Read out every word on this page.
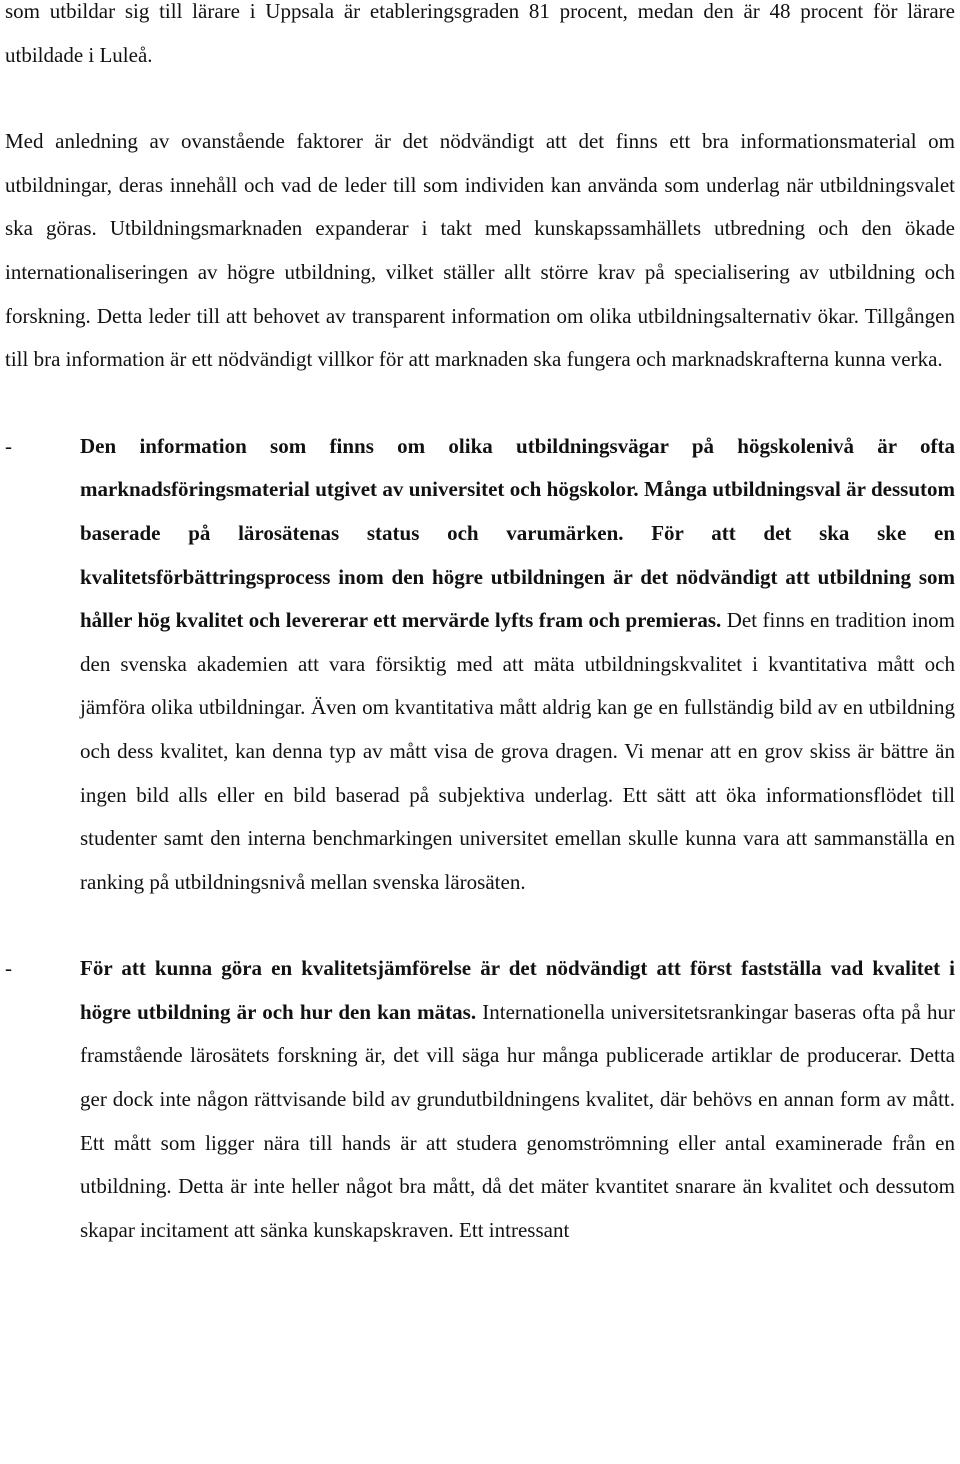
som utbildar sig till lärare i Uppsala är etableringsgraden 81 procent, medan den är 48 procent för lärare utbildade i Luleå.

Med anledning av ovanstående faktorer är det nödvändigt att det finns ett bra informationsmaterial om utbildningar, deras innehåll och vad de leder till som individen kan använda som underlag när utbildningsvalet ska göras. Utbildningsmarknaden expanderar i takt med kunskapssamhällets utbredning och den ökade internationaliseringen av högre utbildning, vilket ställer allt större krav på specialisering av utbildning och forskning. Detta leder till att behovet av transparent information om olika utbildningsalternativ ökar. Tillgången till bra information är ett nödvändigt villkor för att marknaden ska fungera och marknadskrafterna kunna verka.

-	Den information som finns om olika utbildningsvägar på högskolenivå är ofta marknadsföringsmaterial utgivet av universitet och högskolor. Många utbildningsval är dessutom baserade på lärosätenas status och varumärken. För att det ska ske en kvalitetsförbättringsprocess inom den högre utbildningen är det nödvändigt att utbildning som håller hög kvalitet och levererar ett mervärde lyfts fram och premieras. Det finns en tradition inom den svenska akademien att vara försiktig med att mäta utbildningskvalitet i kvantitativa mått och jämföra olika utbildningar. Även om kvantitativa mått aldrig kan ge en fullständig bild av en utbildning och dess kvalitet, kan denna typ av mått visa de grova dragen. Vi menar att en grov skiss är bättre än ingen bild alls eller en bild baserad på subjektiva underlag. Ett sätt att öka informationsflödet till studenter samt den interna benchmarkingen universitet emellan skulle kunna vara att sammanställa en ranking på utbildningsnivå mellan svenska lärosäten.

-	För att kunna göra en kvalitetsjämförelse är det nödvändigt att först fastställa vad kvalitet i högre utbildning är och hur den kan mätas. Internationella universitetsrankingar baseras ofta på hur framstående lärosätets forskning är, det vill säga hur många publicerade artiklar de producerar. Detta ger dock inte någon rättvisande bild av grundutbildningens kvalitet, där behövs en annan form av mått. Ett mått som ligger nära till hands är att studera genomströmning eller antal examinerade från en utbildning. Detta är inte heller något bra mått, då det mäter kvantitet snarare än kvalitet och dessutom skapar incitament att sänka kunskapskraven. Ett intressant
